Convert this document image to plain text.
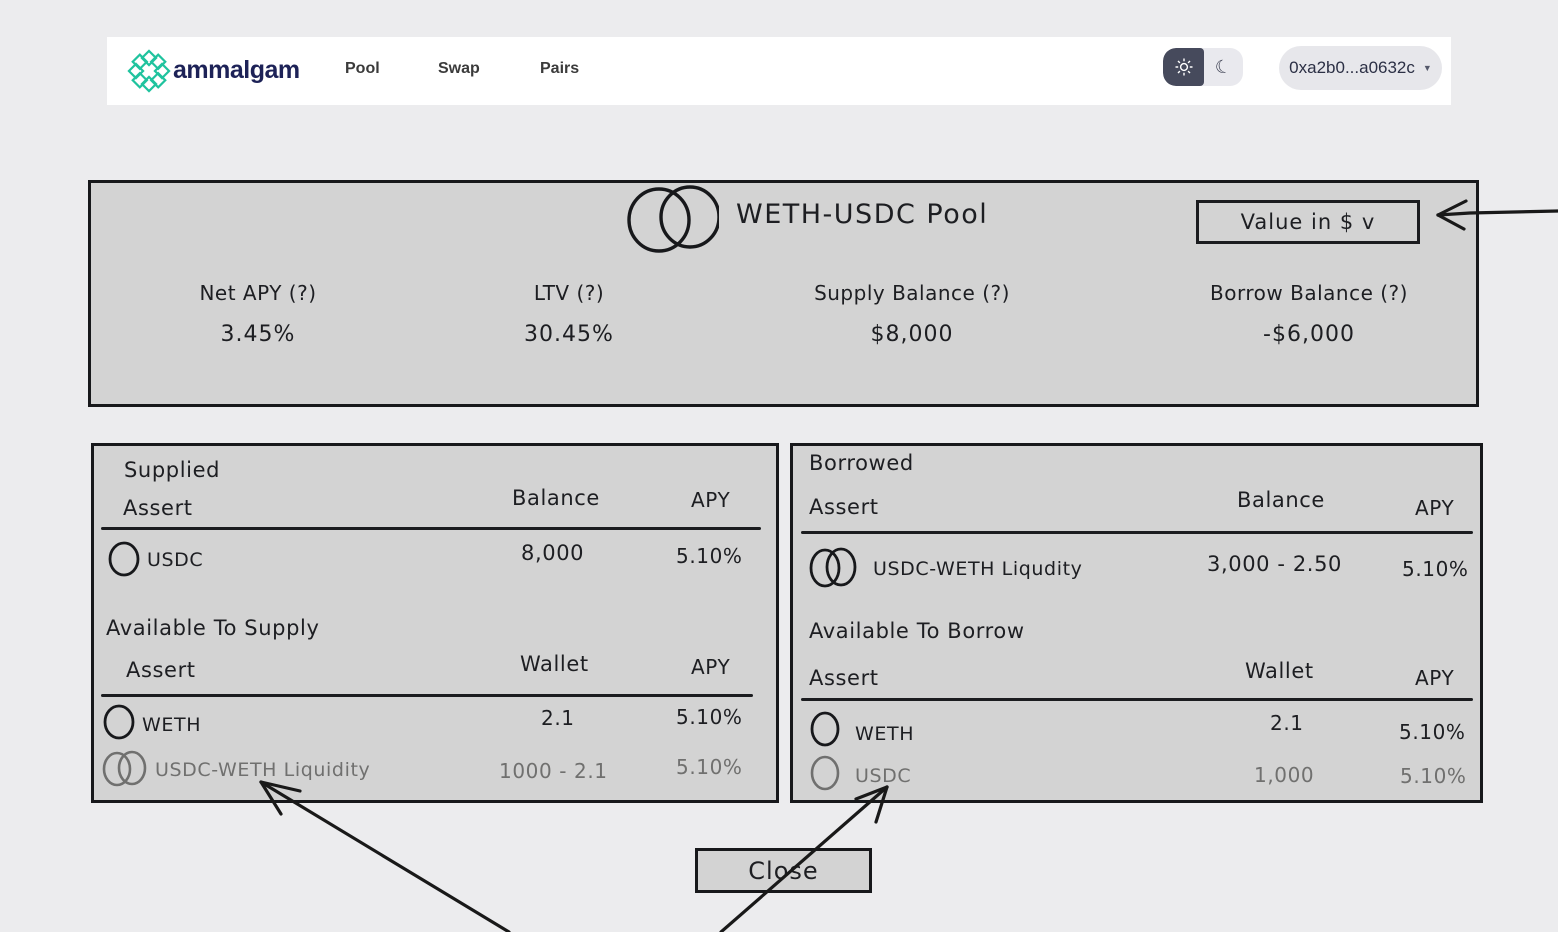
ammalgam	Pool	Swap	Pairs	☾	0xa2b0...a0632c ▼
WETH-USDC Pool	Value in $ v
Net APY (?)
3.45%
LTV (?)
30.45%
Supply Balance (?)
$8,000
Borrow Balance (?)
-$6,000
Supplied
Assert	Balance	APY
USDC	8,000	5.10%
Available To Supply
Assert	Wallet	APY
WETH	2.1	5.10%
USDC-WETH Liquidity	1000 - 2.1	5.10%
Borrowed
Assert	Balance	APY
USDC-WETH Liqudity	3,000 - 2.50	5.10%
Available To Borrow
Assert	Wallet	APY
WETH	2.1	5.10%
USDC	1,000	5.10%
Close
